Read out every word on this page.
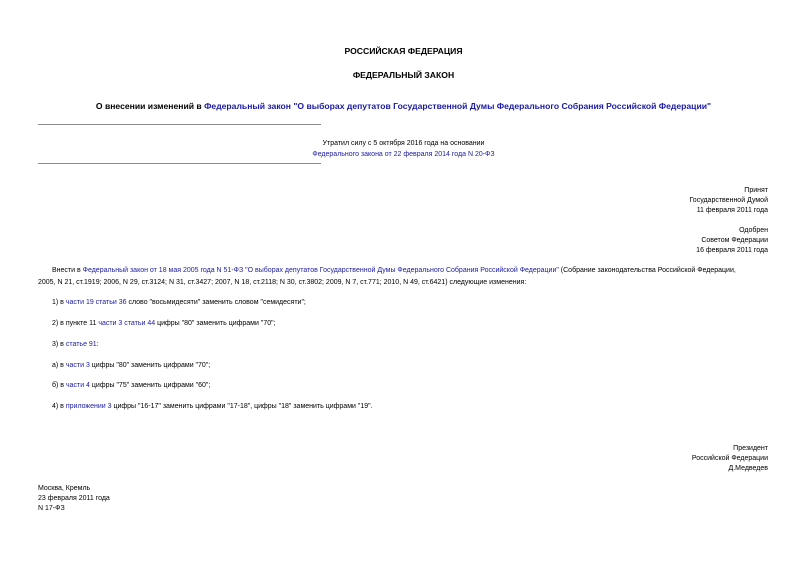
РОССИЙСКАЯ ФЕДЕРАЦИЯ
ФЕДЕРАЛЬНЫЙ ЗАКОН
О внесении изменений в Федеральный закон "О выборах депутатов Государственной Думы Федерального Собрания Российской Федерации"
Утратил силу с 5 октября 2016 года на основании
Федерального закона от 22 февраля 2014 года N 20-ФЗ
Принят
Государственной Думой
11 февраля 2011 года
Одобрен
Советом Федерации
16 февраля 2011 года
Внести в Федеральный закон от 18 мая 2005 года N 51-ФЗ "О выборах депутатов Государственной Думы Федерального Собрания Российской Федерации" (Собрание законодательства Российской Федерации,
2005, N 21, ст.1919; 2006, N 29, ст.3124; N 31, ст.3427; 2007, N 18, ст.2118; N 30, ст.3802; 2009, N 7, ст.771; 2010, N 49, ст.6421) следующие изменения:
1) в части 19 статьи 36 слово "восьмидесяти" заменить словом "семидесяти";
2) в пункте 11 части 3 статьи 44 цифры "80" заменить цифрами "70";
3) в статье 91:
а) в части 3 цифры "80" заменить цифрами "70";
б) в части 4 цифры "75" заменить цифрами "60";
4) в приложении 3 цифры "16-17" заменить цифрами "17-18", цифры "18" заменить цифрами "19".
Президент
Российской Федерации
Д.Медведев
Москва, Кремль
23 февраля 2011 года
N 17-ФЗ
